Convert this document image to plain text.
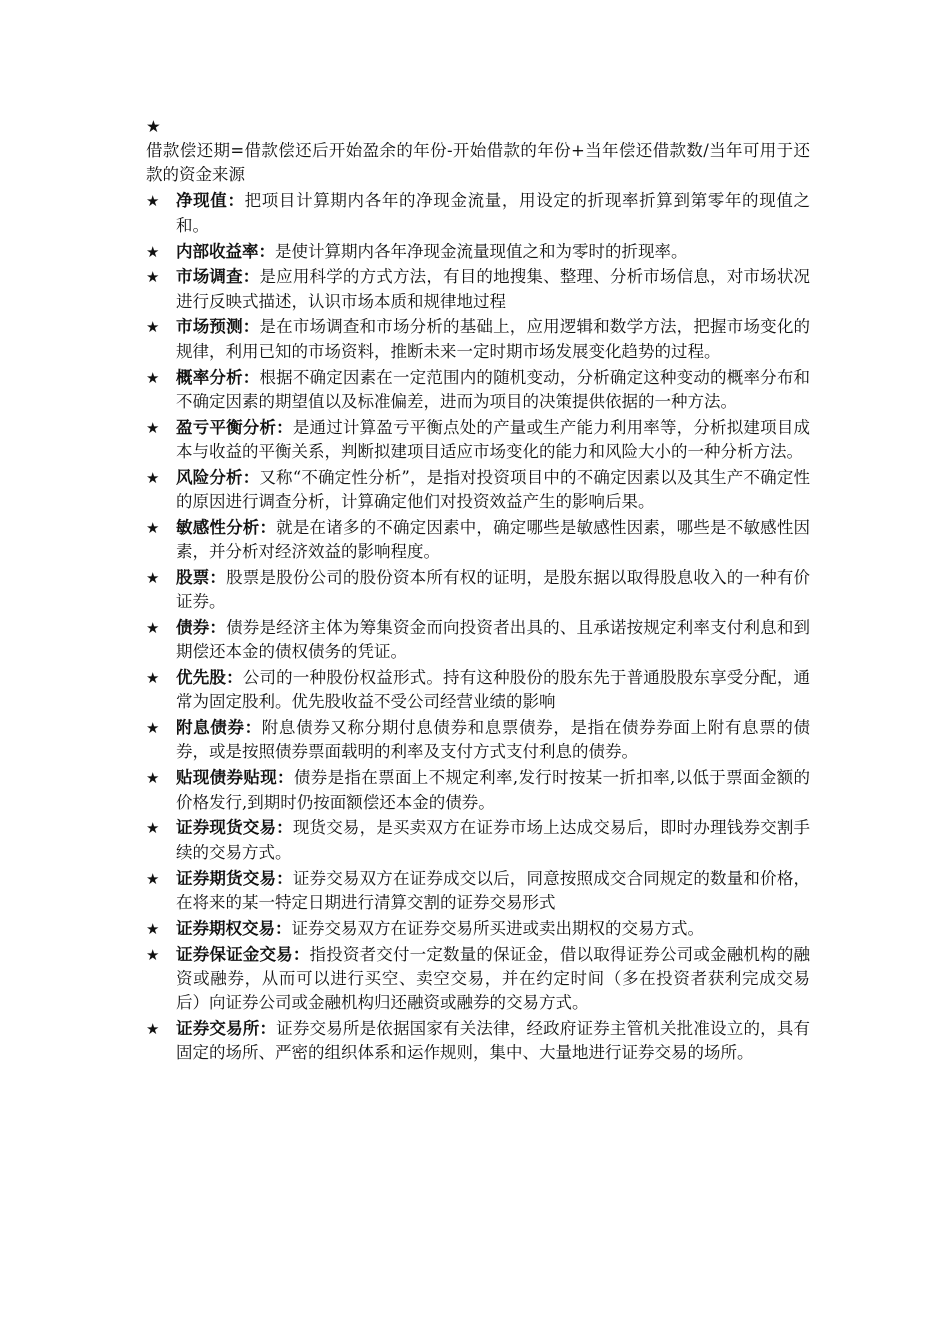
★

借款偿还期=借款偿还后开始盈余的年份-开始借款的年份+当年偿还借款数/当年可用于还款的资金来源

★ 净现值：把项目计算期内各年的净现金流量，用设定的折现率折算到第零年的现值之和。
★ 内部收益率：是使计算期内各年净现金流量现值之和为零时的折现率。
★ 市场调查：是应用科学的方式方法，有目的地搜集、整理、分析市场信息，对市场状况进行反映式描述，认识市场本质和规律地过程
★ 市场预测：是在市场调查和市场分析的基础上，应用逻辑和数学方法，把握市场变化的规律，利用已知的市场资料，推断未来一定时期市场发展变化趋势的过程。
★ 概率分析：根据不确定因素在一定范围内的随机变动，分析确定这种变动的概率分布和不确定因素的期望值以及标准偏差，进而为项目的决策提供依据的一种方法。
★ 盈亏平衡分析：是通过计算盈亏平衡点处的产量或生产能力利用率等，分析拟建项目成本与收益的平衡关系，判断拟建项目适应市场变化的能力和风险大小的一种分析方法。
★ 风险分析：又称“不确定性分析”，是指对投资项目中的不确定因素以及其生产不确定性的原因进行调查分析，计算确定他们对投资效益产生的影响后果。
★ 敏感性分析：就是在诸多的不确定因素中，确定哪些是敏感性因素，哪些是不敏感性因素，并分析对经济效益的影响程度。
★ 股票：股票是股份公司的股份资本所有权的证明，是股东据以取得股息收入的一种有价证券。
★ 债券：债券是经济主体为筹集资金而向投资者出具的、且承诺按规定利率支付利息和到期偿还本金的债权债务的凭证。
★ 优先股：公司的一种股份权益形式。持有这种股份的股东先于普通股股东享受分配，通常为固定股利。优先股收益不受公司经营业绩的影响
★ 附息债券：附息债券又称分期付息债券和息票债券，是指在债券券面上附有息票的债券，或是按照债券票面载明的利率及支付方式支付利息的债券。
★ 贴现债券贴现：债券是指在票面上不规定利率,发行时按某一折扣率,以低于票面金额的价格发行,到期时仍按面额偿还本金的债券。
★ 证券现货交易：现货交易，是买卖双方在证券市场上达成交易后，即时办理钱券交割手续的交易方式。
★ 证券期货交易：证券交易双方在证券成交以后，同意按照成交合同规定的数量和价格，在将来的某一特定日期进行清算交割的证券交易形式
★ 证券期权交易：证券交易双方在证券交易所买进或卖出期权的交易方式。
★ 证券保证金交易：指投资者交付一定数量的保证金，借以取得证券公司或金融机构的融资或融券，从而可以进行买空、卖空交易，并在约定时间（多在投资者获利完成交易后）向证券公司或金融机构归还融资或融券的交易方式。
★ 证券交易所：证券交易所是依据国家有关法律，经政府证券主管机关批准设立的，具有固定的场所、严密的组织体系和运作规则，集中、大量地进行证券交易的场所。
